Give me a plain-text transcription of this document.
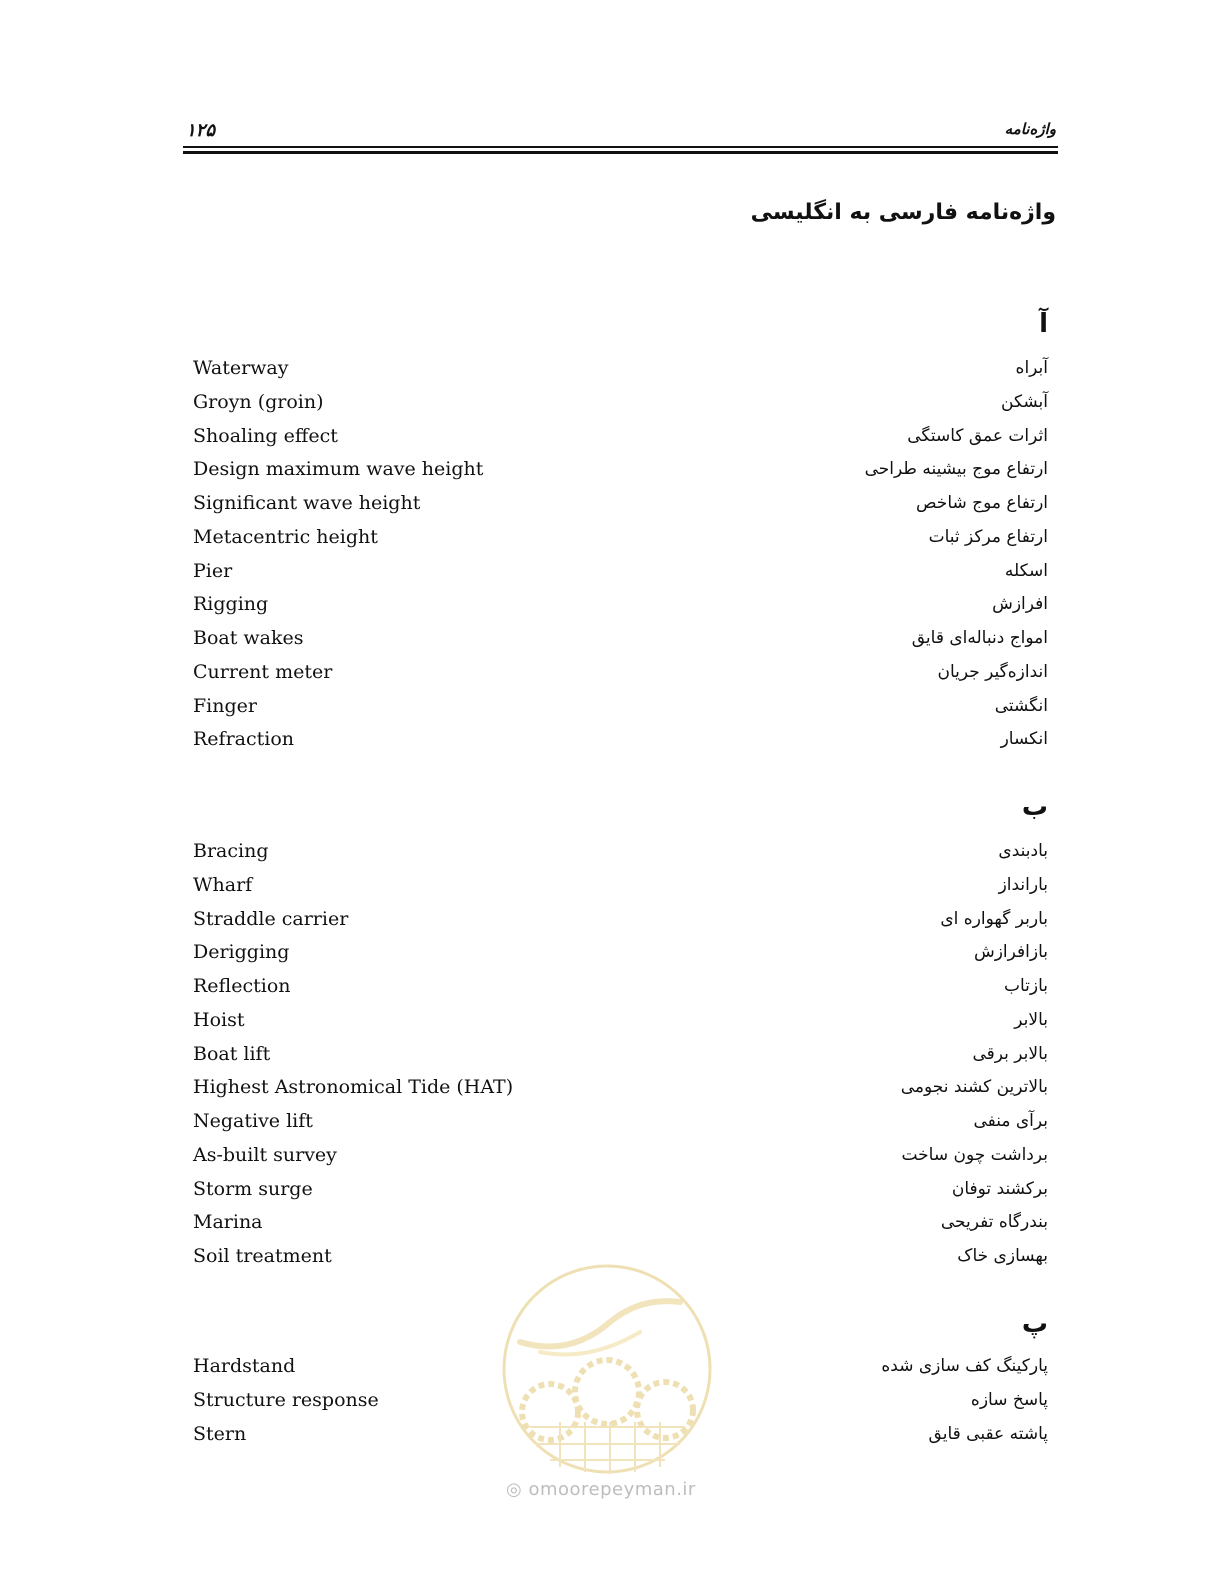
۱۲۵	واژه‌نامه
واژه‌نامه فارسی به انگلیسی
آ
Waterway	آبراه
Groyn (groin)	آبشکن
Shoaling effect	اثرات عمق کاستگی
Design maximum wave height	ارتفاع موج بیشینه طراحی
Significant wave height	ارتفاع موج شاخص
Metacentric height	ارتفاع مرکز ثبات
Pier	اسکله
Rigging	افرازش
Boat wakes	امواج دنباله‌ای قایق
Current meter	اندازه‌گیر جریان
Finger	انگشتی
Refraction	انکسار
ب
Bracing	بادبندی
Wharf	بارانداز
Straddle carrier	باربر گهواره ای
Derigging	بازافرازش
Reflection	بازتاب
Hoist	بالابر
Boat lift	بالابر برقی
Highest Astronomical Tide (HAT)	بالاترین کشند نجومی
Negative lift	برآی منفی
As-built survey	برداشت چون ساخت
Storm surge	برکشند توفان
Marina	بندرگاه تفریحی
Soil treatment	بهسازی خاک
پ
Hardstand	پارکینگ کف سازی شده
Structure response	پاسخ سازه
Stern	پاشته عقبی قایق
◎ omoorepeyman.ir
